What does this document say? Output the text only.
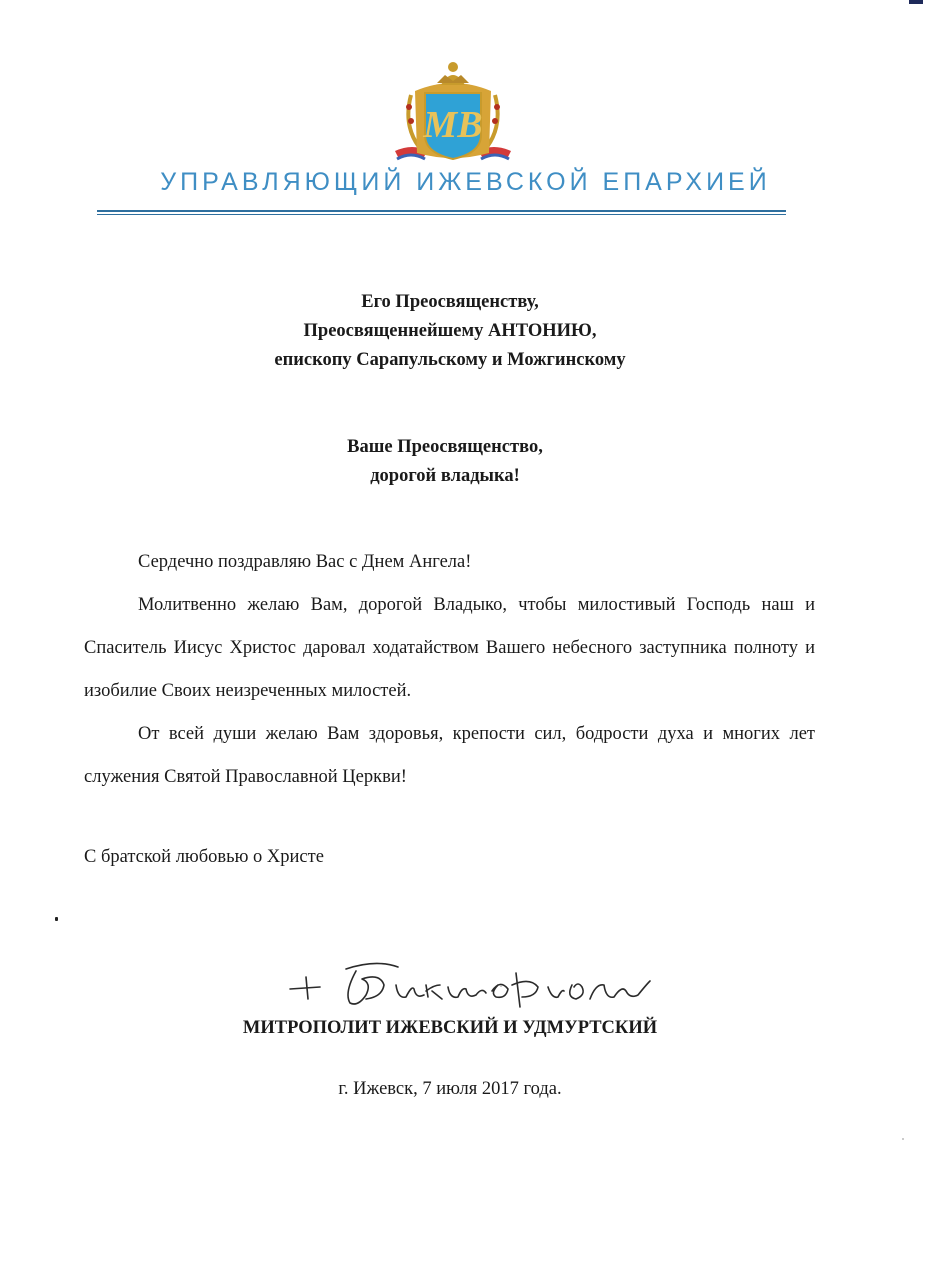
МВ
УПРАВЛЯЮЩИЙ ИЖЕВСКОЙ ЕПАРХИЕЙ
Его Преосвященству,
Преосвященнейшему АНТОНИЮ,
епископу Сарапульскому и Можгинскому
Ваше Преосвященство,
дорогой владыка!

Сердечно поздравляю Вас с Днем Ангела!

Молитвенно желаю Вам, дорогой Владыко, чтобы милостивый Господь наш и Спаситель Иисус Христос даровал ходатайством Вашего небесного заступника полноту и изобилие Своих неизреченных милостей.

От всей души желаю Вам здоровья, крепости сил, бодрости духа и многих лет служения Святой Православной Церкви!

С братской любовью о Христе
МИТРОПОЛИТ ИЖЕВСКИЙ И УДМУРТСКИЙ
г. Ижевск, 7 июля 2017 года.
